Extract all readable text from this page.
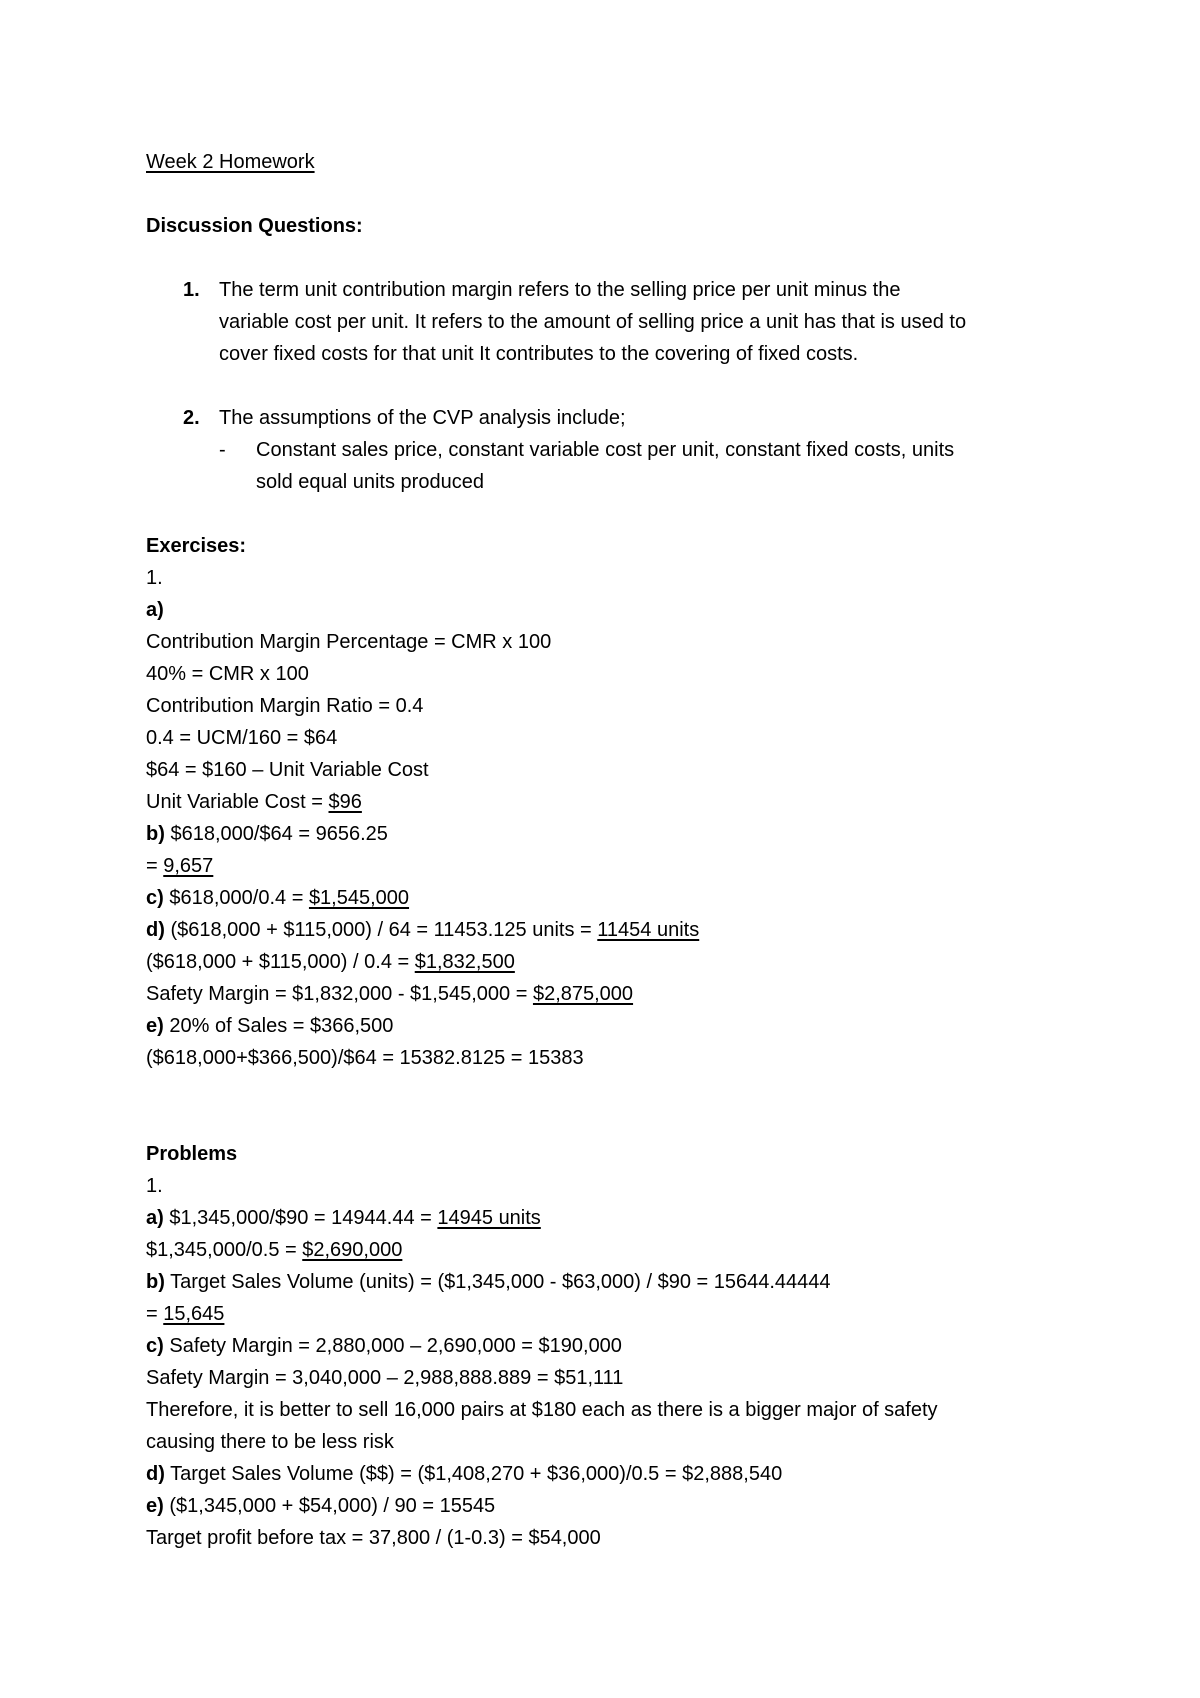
Week 2 Homework
Discussion Questions:
1. The term unit contribution margin refers to the selling price per unit minus the
variable cost per unit. It refers to the amount of selling price a unit has that is used to
cover fixed costs for that unit It contributes to the covering of fixed costs.
2. The assumptions of the CVP analysis include;
- Constant sales price, constant variable cost per unit, constant fixed costs, units
sold equal units produced
Exercises:
1.
a)
Contribution Margin Percentage = CMR x 100
40% = CMR x 100
Contribution Margin Ratio = 0.4
0.4 = UCM/160 = $64
$64 = $160 – Unit Variable Cost
Unit Variable Cost = $96
b) $618,000/$64 = 9656.25
= 9,657
c) $618,000/0.4 = $1,545,000
d) ($618,000 + $115,000) / 64 = 11453.125 units = 11454 units
($618,000 + $115,000) / 0.4 = $1,832,500
Safety Margin = $1,832,000 - $1,545,000 = $2,875,000
e) 20% of Sales = $366,500
($618,000+$366,500)/$64 = 15382.8125 = 15383
Problems
1.
a) $1,345,000/$90 = 14944.44 = 14945 units
$1,345,000/0.5 = $2,690,000
b) Target Sales Volume (units) = ($1,345,000 - $63,000) / $90 = 15644.44444
= 15,645
c) Safety Margin = 2,880,000 – 2,690,000 = $190,000
Safety Margin = 3,040,000 – 2,988,888.889 = $51,111
Therefore, it is better to sell 16,000 pairs at $180 each as there is a bigger major of safety
causing there to be less risk
d) Target Sales Volume ($$) = ($1,408,270 + $36,000)/0.5 = $2,888,540
e) ($1,345,000 + $54,000) / 90 = 15545
Target profit before tax = 37,800 / (1-0.3) = $54,000
